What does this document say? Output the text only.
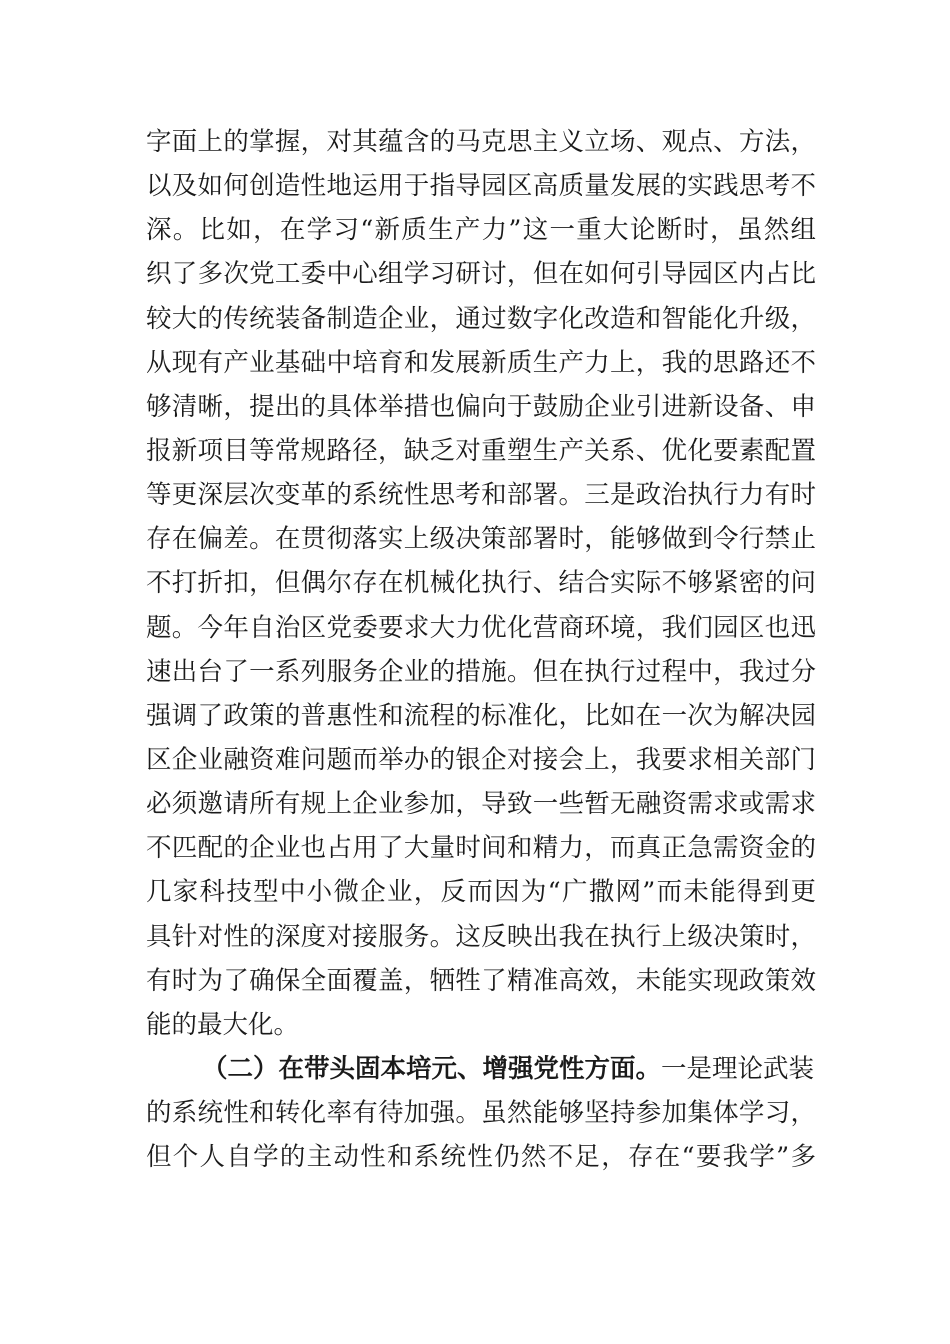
字面上的掌握，对其蕴含的马克思主义立场、观点、方法，
以及如何创造性地运用于指导园区高质量发展的实践思考不
深。比如，在学习“新质生产力”这一重大论断时，虽然组
织了多次党工委中心组学习研讨，但在如何引导园区内占比
较大的传统装备制造企业，通过数字化改造和智能化升级，
从现有产业基础中培育和发展新质生产力上，我的思路还不
够清晰，提出的具体举措也偏向于鼓励企业引进新设备、申
报新项目等常规路径，缺乏对重塑生产关系、优化要素配置
等更深层次变革的系统性思考和部署。三是政治执行力有时
存在偏差。在贯彻落实上级决策部署时，能够做到令行禁止
不打折扣，但偶尔存在机械化执行、结合实际不够紧密的问
题。今年自治区党委要求大力优化营商环境，我们园区也迅
速出台了一系列服务企业的措施。但在执行过程中，我过分
强调了政策的普惠性和流程的标准化，比如在一次为解决园
区企业融资难问题而举办的银企对接会上，我要求相关部门
必须邀请所有规上企业参加，导致一些暂无融资需求或需求
不匹配的企业也占用了大量时间和精力，而真正急需资金的
几家科技型中小微企业，反而因为“广撒网”而未能得到更
具针对性的深度对接服务。这反映出我在执行上级决策时，
有时为了确保全面覆盖，牺牲了精准高效，未能实现政策效
能的最大化。
（二）在带头固本培元、增强党性方面。一是理论武装
的系统性和转化率有待加强。虽然能够坚持参加集体学习，
但个人自学的主动性和系统性仍然不足，存在“要我学”多
